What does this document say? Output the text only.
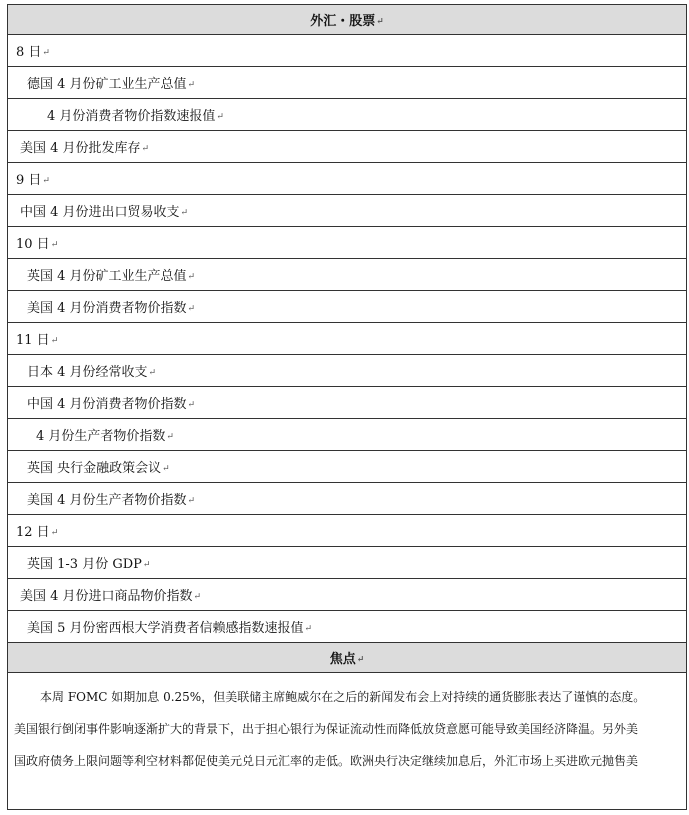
外汇・股票 ↵
8 日 ↵
德国 4 月份矿工业生产总值 ↵
4 月份消费者物价指数速报值 ↵
美国 4 月份批发库存 ↵
9 日 ↵
中国 4 月份进出口贸易收支 ↵
10 日 ↵
英国 4 月份矿工业生产总值 ↵
美国 4 月份消费者物价指数 ↵
11 日 ↵
日本 4 月份经常收支 ↵
中国 4 月份消费者物价指数 ↵
4 月份生产者物价指数 ↵
英国 央行金融政策会议 ↵
美国 4 月份生产者物价指数 ↵
12 日 ↵
英国 1-3 月份 GDP ↵
美国 4 月份进口商品物价指数 ↵
美国 5 月份密西根大学消费者信赖感指数速报值 ↵
焦点 ↵

本周 FOMC 如期加息 0.25%，但美联储主席鲍威尔在之后的新闻发布会上对持续的通货膨胀表达了谨慎的态度。

美国银行倒闭事件影响逐渐扩大的背景下，出于担心银行为保证流动性而降低放贷意愿可能导致美国经济降温。另外美

国政府债务上限问题等利空材料都促使美元兑日元汇率的走低。欧洲央行决定继续加息后，外汇市场上买进欧元抛售美
